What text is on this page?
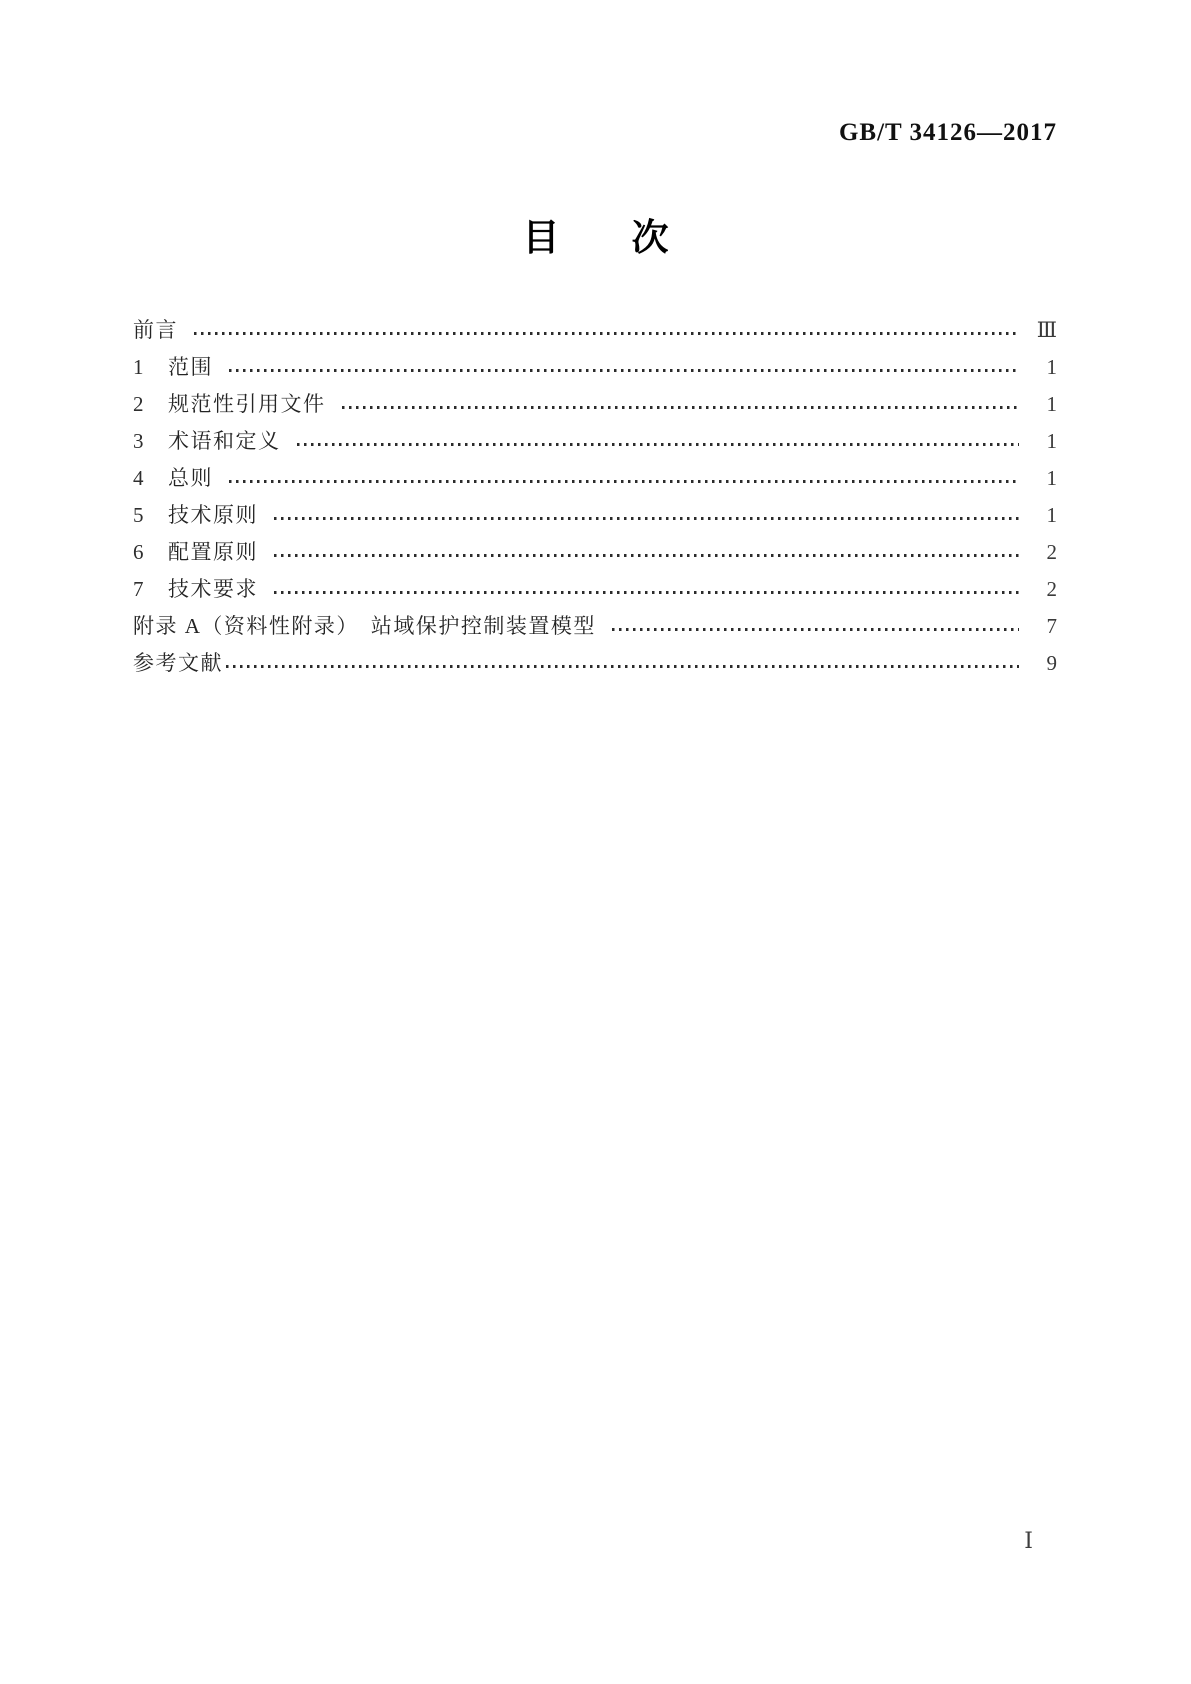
GB/T 34126—2017
目 次
前言	Ⅲ
1	范围	1
2	规范性引用文件	1
3	术语和定义	1
4	总则	1
5	技术原则	1
6	配置原则	2
7	技术要求	2
附录 A（资料性附录）　站域保护控制装置模型	7
参考文献	9
Ⅰ
